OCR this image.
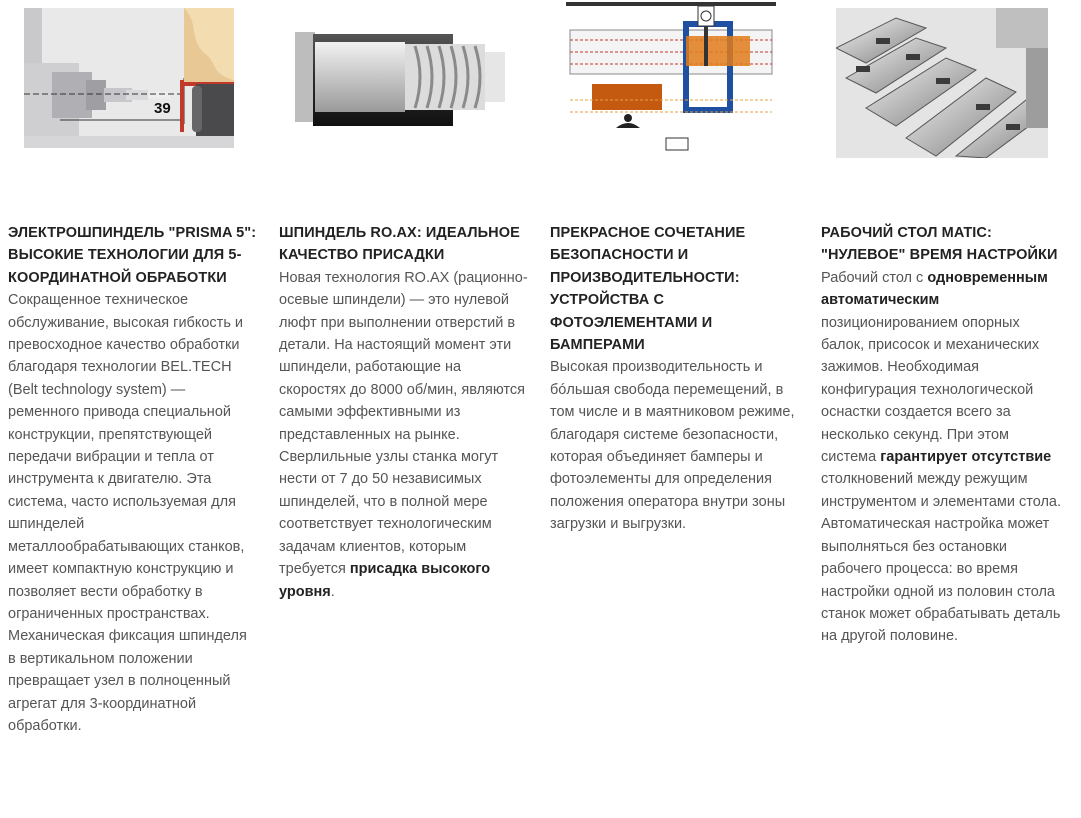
39
ЭЛЕКТРОШПИНДЕЛЬ "PRISMA 5": ВЫСОКИЕ ТЕХНОЛОГИИ ДЛЯ 5-КООРДИНАТНОЙ ОБРАБОТКИ
Сокращенное техническое обслуживание, высокая гибкость и превосходное качество обработки благодаря технологии BEL.TECH (Belt technology system) — ременного привода специальной конструкции, препятствующей передачи вибрации и тепла от инструмента к двигателю. Эта система, часто используемая для шпинделей металлообрабатывающих станков, имеет компактную конструкцию и позволяет вести обработку в ограниченных пространствах. Механическая фиксация шпинделя в вертикальном положении превращает узел в полноценный агрегат для 3-координатной обработки.
ШПИНДЕЛЬ RO.AX: ИДЕАЛЬНОЕ КАЧЕСТВО ПРИСАДКИ
Новая технология RO.AX (рационно-осевые шпиндели) — это нулевой люфт при выполнении отверстий в детали. На настоящий момент эти шпиндели, работающие на скоростях до 8000 об/мин, являются самыми эффективными из представленных на рынке. Сверлильные узлы станка могут нести от 7 до 50 независимых шпинделей, что в полной мере соответствует технологическим задачам клиентов, которым требуется присадка высокого уровня.
ПРЕКРАСНОЕ СОЧЕТАНИЕ БЕЗОПАСНОСТИ И ПРОИЗВОДИТЕЛЬНОСТИ: УСТРОЙСТВА С ФОТОЭЛЕМЕНТАМИ И БАМПЕРАМИ
Высокая производительность и бóльшая свобода перемещений, в том числе и в маятниковом режиме, благодаря системе безопасности, которая объединяет бамперы и фотоэлементы для определения положения оператора внутри зоны загрузки и выгрузки.
РАБОЧИЙ СТОЛ MATIC: "НУЛЕВОЕ" ВРЕМЯ НАСТРОЙКИ
Рабочий стол с одновременным автоматическим позиционированием опорных балок, присосок и механических зажимов. Необходимая конфигурация технологической оснастки создается всего за несколько секунд. При этом система гарантирует отсутствие столкновений между режущим инструментом и элементами стола. Автоматическая настройка может выполняться без остановки рабочего процесса: во время настройки одной из половин стола станок может обрабатывать деталь на другой половине.
